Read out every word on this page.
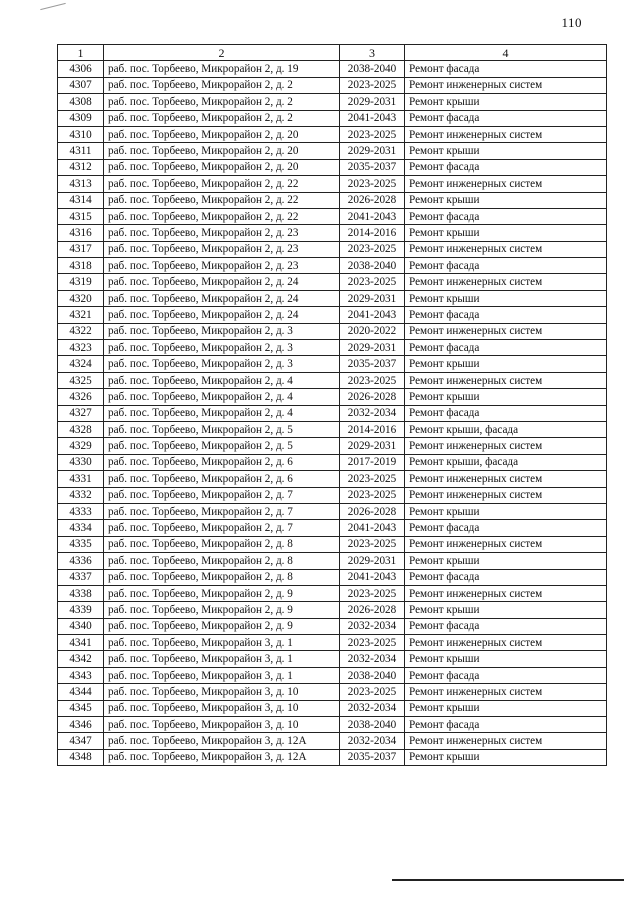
110
1	2	3	4
4306	раб. пос. Торбеево, Микрорайон 2, д. 19	2038-2040	Ремонт фасада
4307	раб. пос. Торбеево, Микрорайон 2, д. 2	2023-2025	Ремонт инженерных систем
4308	раб. пос. Торбеево, Микрорайон 2, д. 2	2029-2031	Ремонт крыши
4309	раб. пос. Торбеево, Микрорайон 2, д. 2	2041-2043	Ремонт фасада
4310	раб. пос. Торбеево, Микрорайон 2, д. 20	2023-2025	Ремонт инженерных систем
4311	раб. пос. Торбеево, Микрорайон 2, д. 20	2029-2031	Ремонт крыши
4312	раб. пос. Торбеево, Микрорайон 2, д. 20	2035-2037	Ремонт фасада
4313	раб. пос. Торбеево, Микрорайон 2, д. 22	2023-2025	Ремонт инженерных систем
4314	раб. пос. Торбеево, Микрорайон 2, д. 22	2026-2028	Ремонт крыши
4315	раб. пос. Торбеево, Микрорайон 2, д. 22	2041-2043	Ремонт фасада
4316	раб. пос. Торбеево, Микрорайон 2, д. 23	2014-2016	Ремонт крыши
4317	раб. пос. Торбеево, Микрорайон 2, д. 23	2023-2025	Ремонт инженерных систем
4318	раб. пос. Торбеево, Микрорайон 2, д. 23	2038-2040	Ремонт фасада
4319	раб. пос. Торбеево, Микрорайон 2, д. 24	2023-2025	Ремонт инженерных систем
4320	раб. пос. Торбеево, Микрорайон 2, д. 24	2029-2031	Ремонт крыши
4321	раб. пос. Торбеево, Микрорайон 2, д. 24	2041-2043	Ремонт фасада
4322	раб. пос. Торбеево, Микрорайон 2, д. 3	2020-2022	Ремонт инженерных систем
4323	раб. пос. Торбеево, Микрорайон 2, д. 3	2029-2031	Ремонт фасада
4324	раб. пос. Торбеево, Микрорайон 2, д. 3	2035-2037	Ремонт крыши
4325	раб. пос. Торбеево, Микрорайон 2, д. 4	2023-2025	Ремонт инженерных систем
4326	раб. пос. Торбеево, Микрорайон 2, д. 4	2026-2028	Ремонт крыши
4327	раб. пос. Торбеево, Микрорайон 2, д. 4	2032-2034	Ремонт фасада
4328	раб. пос. Торбеево, Микрорайон 2, д. 5	2014-2016	Ремонт крыши, фасада
4329	раб. пос. Торбеево, Микрорайон 2, д. 5	2029-2031	Ремонт инженерных систем
4330	раб. пос. Торбеево, Микрорайон 2, д. 6	2017-2019	Ремонт крыши, фасада
4331	раб. пос. Торбеево, Микрорайон 2, д. 6	2023-2025	Ремонт инженерных систем
4332	раб. пос. Торбеево, Микрорайон 2, д. 7	2023-2025	Ремонт инженерных систем
4333	раб. пос. Торбеево, Микрорайон 2, д. 7	2026-2028	Ремонт крыши
4334	раб. пос. Торбеево, Микрорайон 2, д. 7	2041-2043	Ремонт фасада
4335	раб. пос. Торбеево, Микрорайон 2, д. 8	2023-2025	Ремонт инженерных систем
4336	раб. пос. Торбеево, Микрорайон 2, д. 8	2029-2031	Ремонт крыши
4337	раб. пос. Торбеево, Микрорайон 2, д. 8	2041-2043	Ремонт фасада
4338	раб. пос. Торбеево, Микрорайон 2, д. 9	2023-2025	Ремонт инженерных систем
4339	раб. пос. Торбеево, Микрорайон 2, д. 9	2026-2028	Ремонт крыши
4340	раб. пос. Торбеево, Микрорайон 2, д. 9	2032-2034	Ремонт фасада
4341	раб. пос. Торбеево, Микрорайон 3, д. 1	2023-2025	Ремонт инженерных систем
4342	раб. пос. Торбеево, Микрорайон 3, д. 1	2032-2034	Ремонт крыши
4343	раб. пос. Торбеево, Микрорайон 3, д. 1	2038-2040	Ремонт фасада
4344	раб. пос. Торбеево, Микрорайон 3, д. 10	2023-2025	Ремонт инженерных систем
4345	раб. пос. Торбеево, Микрорайон 3, д. 10	2032-2034	Ремонт крыши
4346	раб. пос. Торбеево, Микрорайон 3, д. 10	2038-2040	Ремонт фасада
4347	раб. пос. Торбеево, Микрорайон 3, д. 12А	2032-2034	Ремонт инженерных систем
4348	раб. пос. Торбеево, Микрорайон 3, д. 12А	2035-2037	Ремонт крыши
